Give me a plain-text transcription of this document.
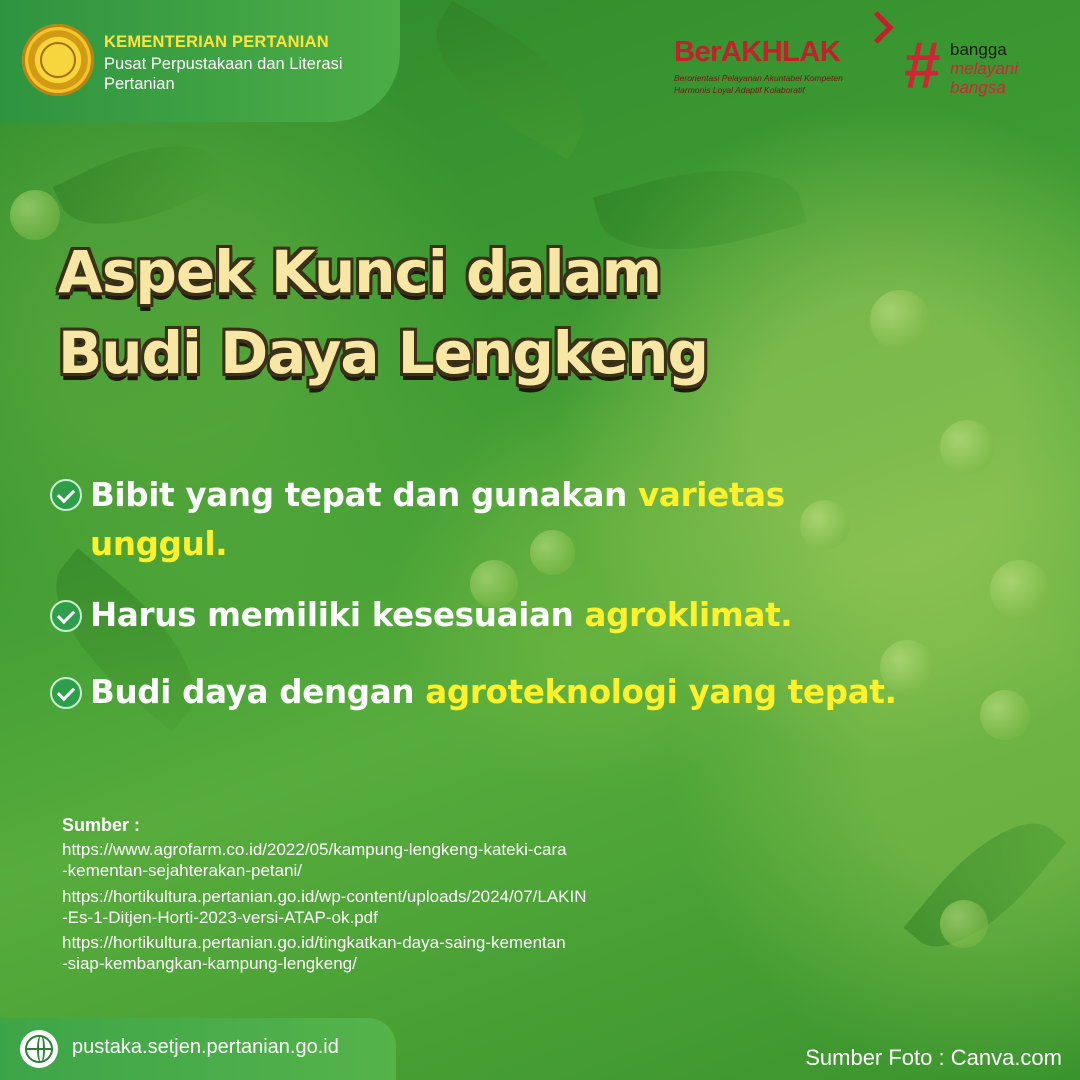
KEMENTERIAN PERTANIAN
Pusat Perpustakaan dan Literasi Pertanian
BerAKHLAK
Berorientasi Pelayanan Akuntabel Kompeten
Harmonis Loyal Adaptif Kolaboratif # bangga
melayani
bangsa
Aspek Kunci dalam
Budi Daya Lengkeng
Bibit yang tepat dan gunakan varietas unggul.
Harus memiliki kesesuaian agroklimat.
Budi daya dengan agroteknologi yang tepat.
Sumber :
https://www.agrofarm.co.id/2022/05/kampung-lengkeng-kateki-cara
-kementan-sejahterakan-petani/
https://hortikultura.pertanian.go.id/wp-content/uploads/2024/07/LAKIN
-Es-1-Ditjen-Horti-2023-versi-ATAP-ok.pdf
https://hortikultura.pertanian.go.id/tingkatkan-daya-saing-kementan
-siap-kembangkan-kampung-lengkeng/
pustaka.setjen.pertanian.go.id	Sumber Foto : Canva.com
